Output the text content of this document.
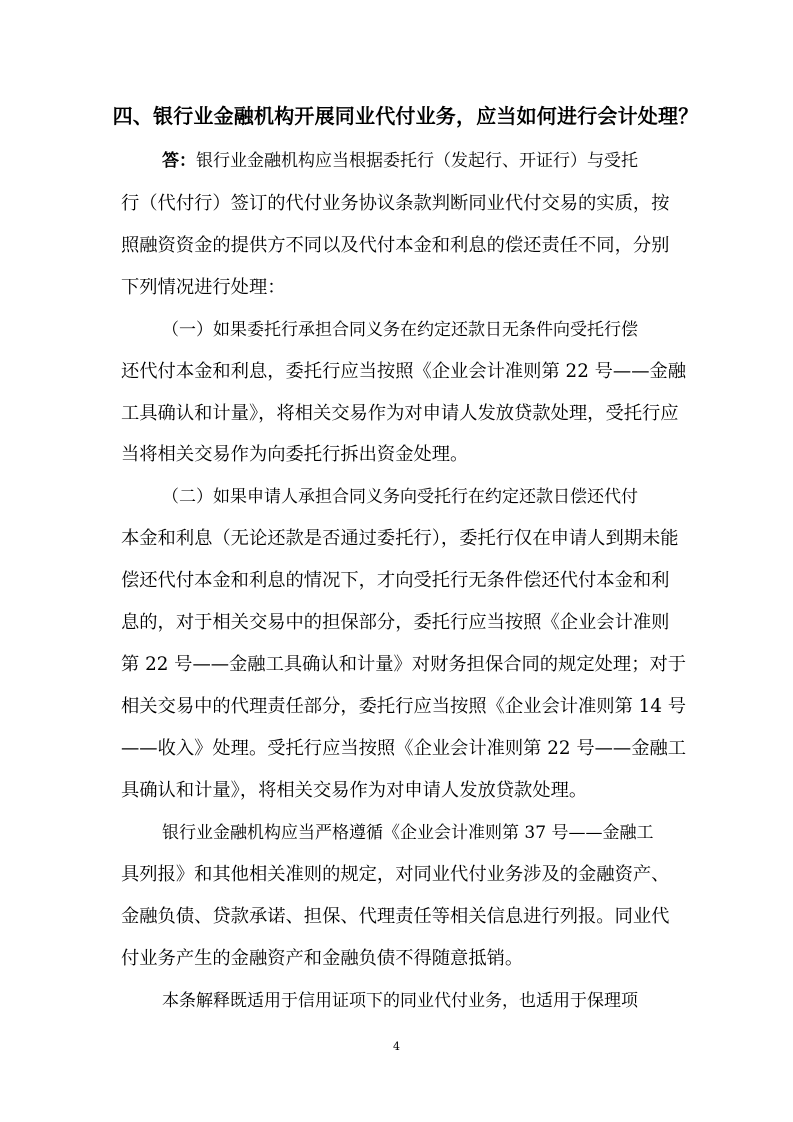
四、银行业金融机构开展同业代付业务，应当如何进行会计处理？
答：银行业金融机构应当根据委托行（发起行、开证行）与受托
行（代付行）签订的代付业务协议条款判断同业代付交易的实质，按
照融资资金的提供方不同以及代付本金和利息的偿还责任不同，分别
下列情况进行处理：
（一）如果委托行承担合同义务在约定还款日无条件向受托行偿
还代付本金和利息，委托行应当按照《企业会计准则第 22 号——金融
工具确认和计量》，将相关交易作为对申请人发放贷款处理，受托行应
当将相关交易作为向委托行拆出资金处理。
（二）如果申请人承担合同义务向受托行在约定还款日偿还代付
本金和利息（无论还款是否通过委托行），委托行仅在申请人到期未能
偿还代付本金和利息的情况下，才向受托行无条件偿还代付本金和利
息的，对于相关交易中的担保部分，委托行应当按照《企业会计准则
第 22 号——金融工具确认和计量》对财务担保合同的规定处理；对于
相关交易中的代理责任部分，委托行应当按照《企业会计准则第 14 号
——收入》处理。受托行应当按照《企业会计准则第 22 号——金融工
具确认和计量》，将相关交易作为对申请人发放贷款处理。
银行业金融机构应当严格遵循《企业会计准则第 37 号——金融工
具列报》和其他相关准则的规定，对同业代付业务涉及的金融资产、
金融负债、贷款承诺、担保、代理责任等相关信息进行列报。同业代
付业务产生的金融资产和金融负债不得随意抵销。
本条解释既适用于信用证项下的同业代付业务，也适用于保理项
4
